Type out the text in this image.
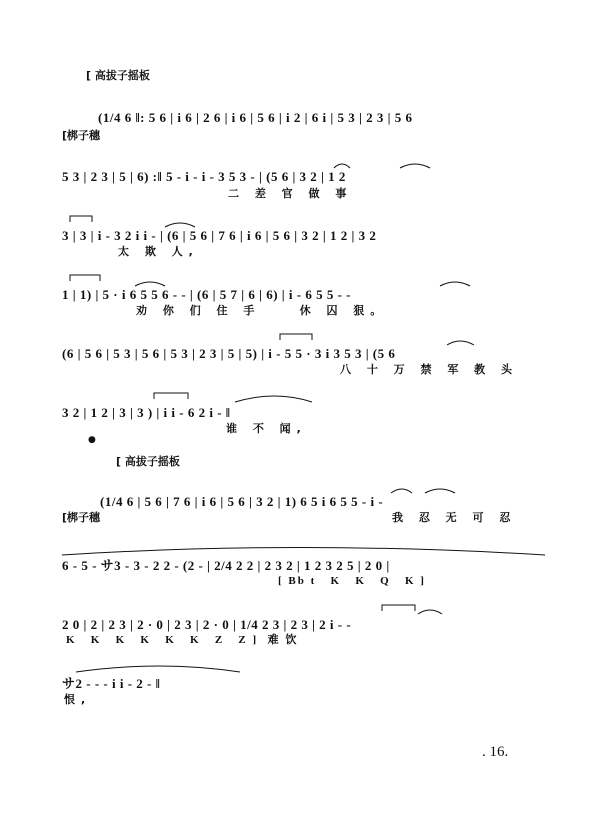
[ 高拔子摇板
[梆子穗
(1/4 6 ‖: 5 6 | i 6 | 2 6 | i 6 | 5 6 | i 2 | 6 i | 5 3 | 2 3 | 5 6
5 3 | 2 3 | 5 | 6) :‖ 5 - i - i - 3 5 3 - | (5 6 | 3 2 | 1 2
二 差 官 做 事
3 | 3 | i - 3 2 i i - | (6 | 5 6 | 7 6 | i 6 | 5 6 | 3 2 | 1 2 | 3 2
太 欺 人,
1 | 1) | 5 · i 6 5 5 6 - - | (6 | 5 7 | 6 | 6) | i - 6 5 5 - -
劝 你 们 住 手    休 囚 狠。
(6 | 5 6 | 5 3 | 5 6 | 5 3 | 2 3 | 5 | 5) | i - 5 5 · 3 i 3 5 3 | (5 6
八 十 万 禁 军 教 头
3 2 | 1 2 | 3 | 3 ) | i i - 6 2 i - ‖
谁 不 闻,
●
[ 高拔子摇板
[梆子穗
(1/4 6 | 5 6 | 7 6 | i 6 | 5 6 | 3 2 | 1) 6 5 i 6 5 5 - i -
我 忍 无 可 忍
6 - 5 - サ3 - 3 - 2 2 - (2 - | 2/4 2 2 | 2 3 2 | 1 2 3 2 5 | 2 0 |
[ Bb t   K   K   Q   K ]
2 0 | 2 | 2 3 | 2 · 0 | 2 3 | 2 · 0 | 1/4 2 3 | 2 3 | 2 i - -
K   K   K   K   K   K   Z   Z ]  难 饮
サ2 - - - i i - 2 - ‖
恨,
. 16.
